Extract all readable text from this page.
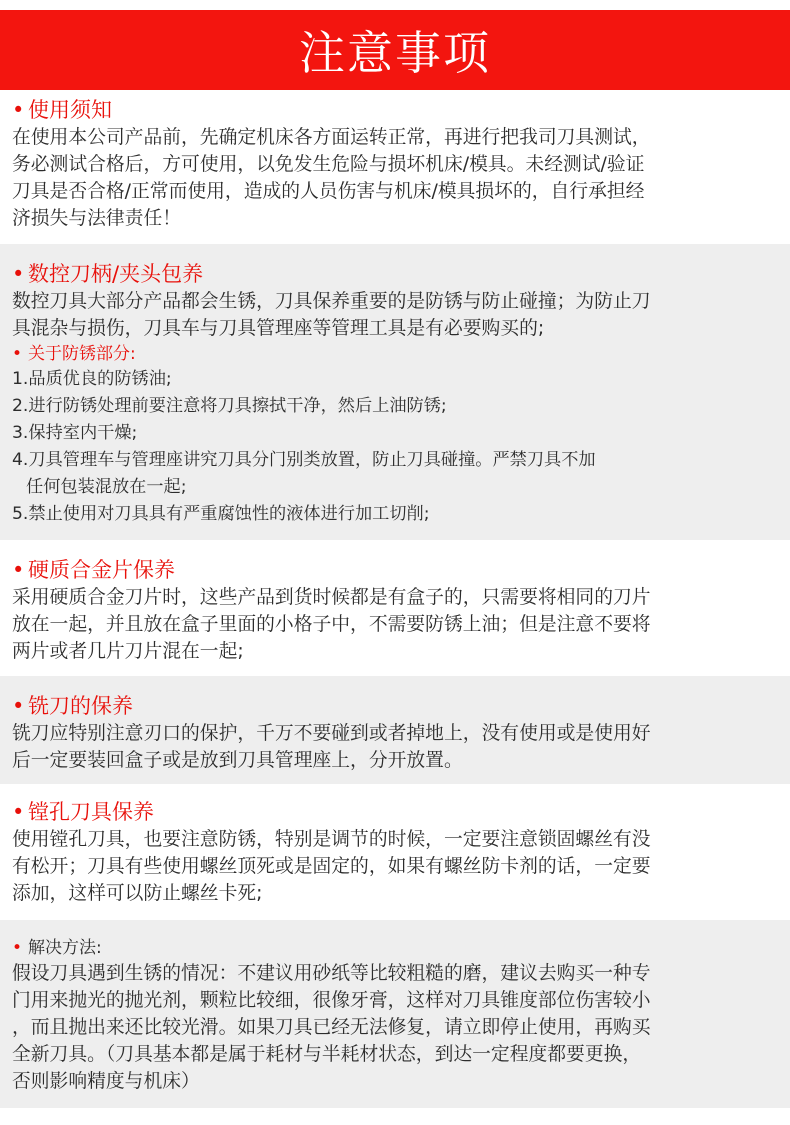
注意事项
• 使用须知
在使用本公司产品前，先确定机床各方面运转正常，再进行把我司刀具测试，
务必测试合格后，方可使用，以免发生危险与损坏机床/模具。未经测试/验证
刀具是否合格/正常而使用，造成的人员伤害与机床/模具损坏的，自行承担经
济损失与法律责任！
• 数控刀柄/夹头包养
数控刀具大部分产品都会生锈，刀具保养重要的是防锈与防止碰撞；为防止刀
具混杂与损伤，刀具车与刀具管理座等管理工具是有必要购买的;
• 关于防锈部分:
1.品质优良的防锈油;
2.进行防锈处理前要注意将刀具擦拭干净，然后上油防锈;
3.保持室内干燥;
4.刀具管理车与管理座讲究刀具分门别类放置，防止刀具碰撞。严禁刀具不加
任何包装混放在一起;
5.禁止使用对刀具具有严重腐蚀性的液体进行加工切削;
• 硬质合金片保养
采用硬质合金刀片时，这些产品到货时候都是有盒子的，只需要将相同的刀片
放在一起，并且放在盒子里面的小格子中，不需要防锈上油；但是注意不要将
两片或者几片刀片混在一起;
• 铣刀的保养
铣刀应特别注意刃口的保护，千万不要碰到或者掉地上，没有使用或是使用好
后一定要装回盒子或是放到刀具管理座上，分开放置。
• 镗孔刀具保养
使用镗孔刀具，也要注意防锈，特别是调节的时候，一定要注意锁固螺丝有没
有松开；刀具有些使用螺丝顶死或是固定的，如果有螺丝防卡剂的话，一定要
添加，这样可以防止螺丝卡死;
• 解决方法:
假设刀具遇到生锈的情况：不建议用砂纸等比较粗糙的磨，建议去购买一种专
门用来抛光的抛光剂，颗粒比较细，很像牙膏，这样对刀具锥度部位伤害较小
，而且抛出来还比较光滑。如果刀具已经无法修复，请立即停止使用，再购买
全新刀具。（刀具基本都是属于耗材与半耗材状态，到达一定程度都要更换，
否则影响精度与机床）
